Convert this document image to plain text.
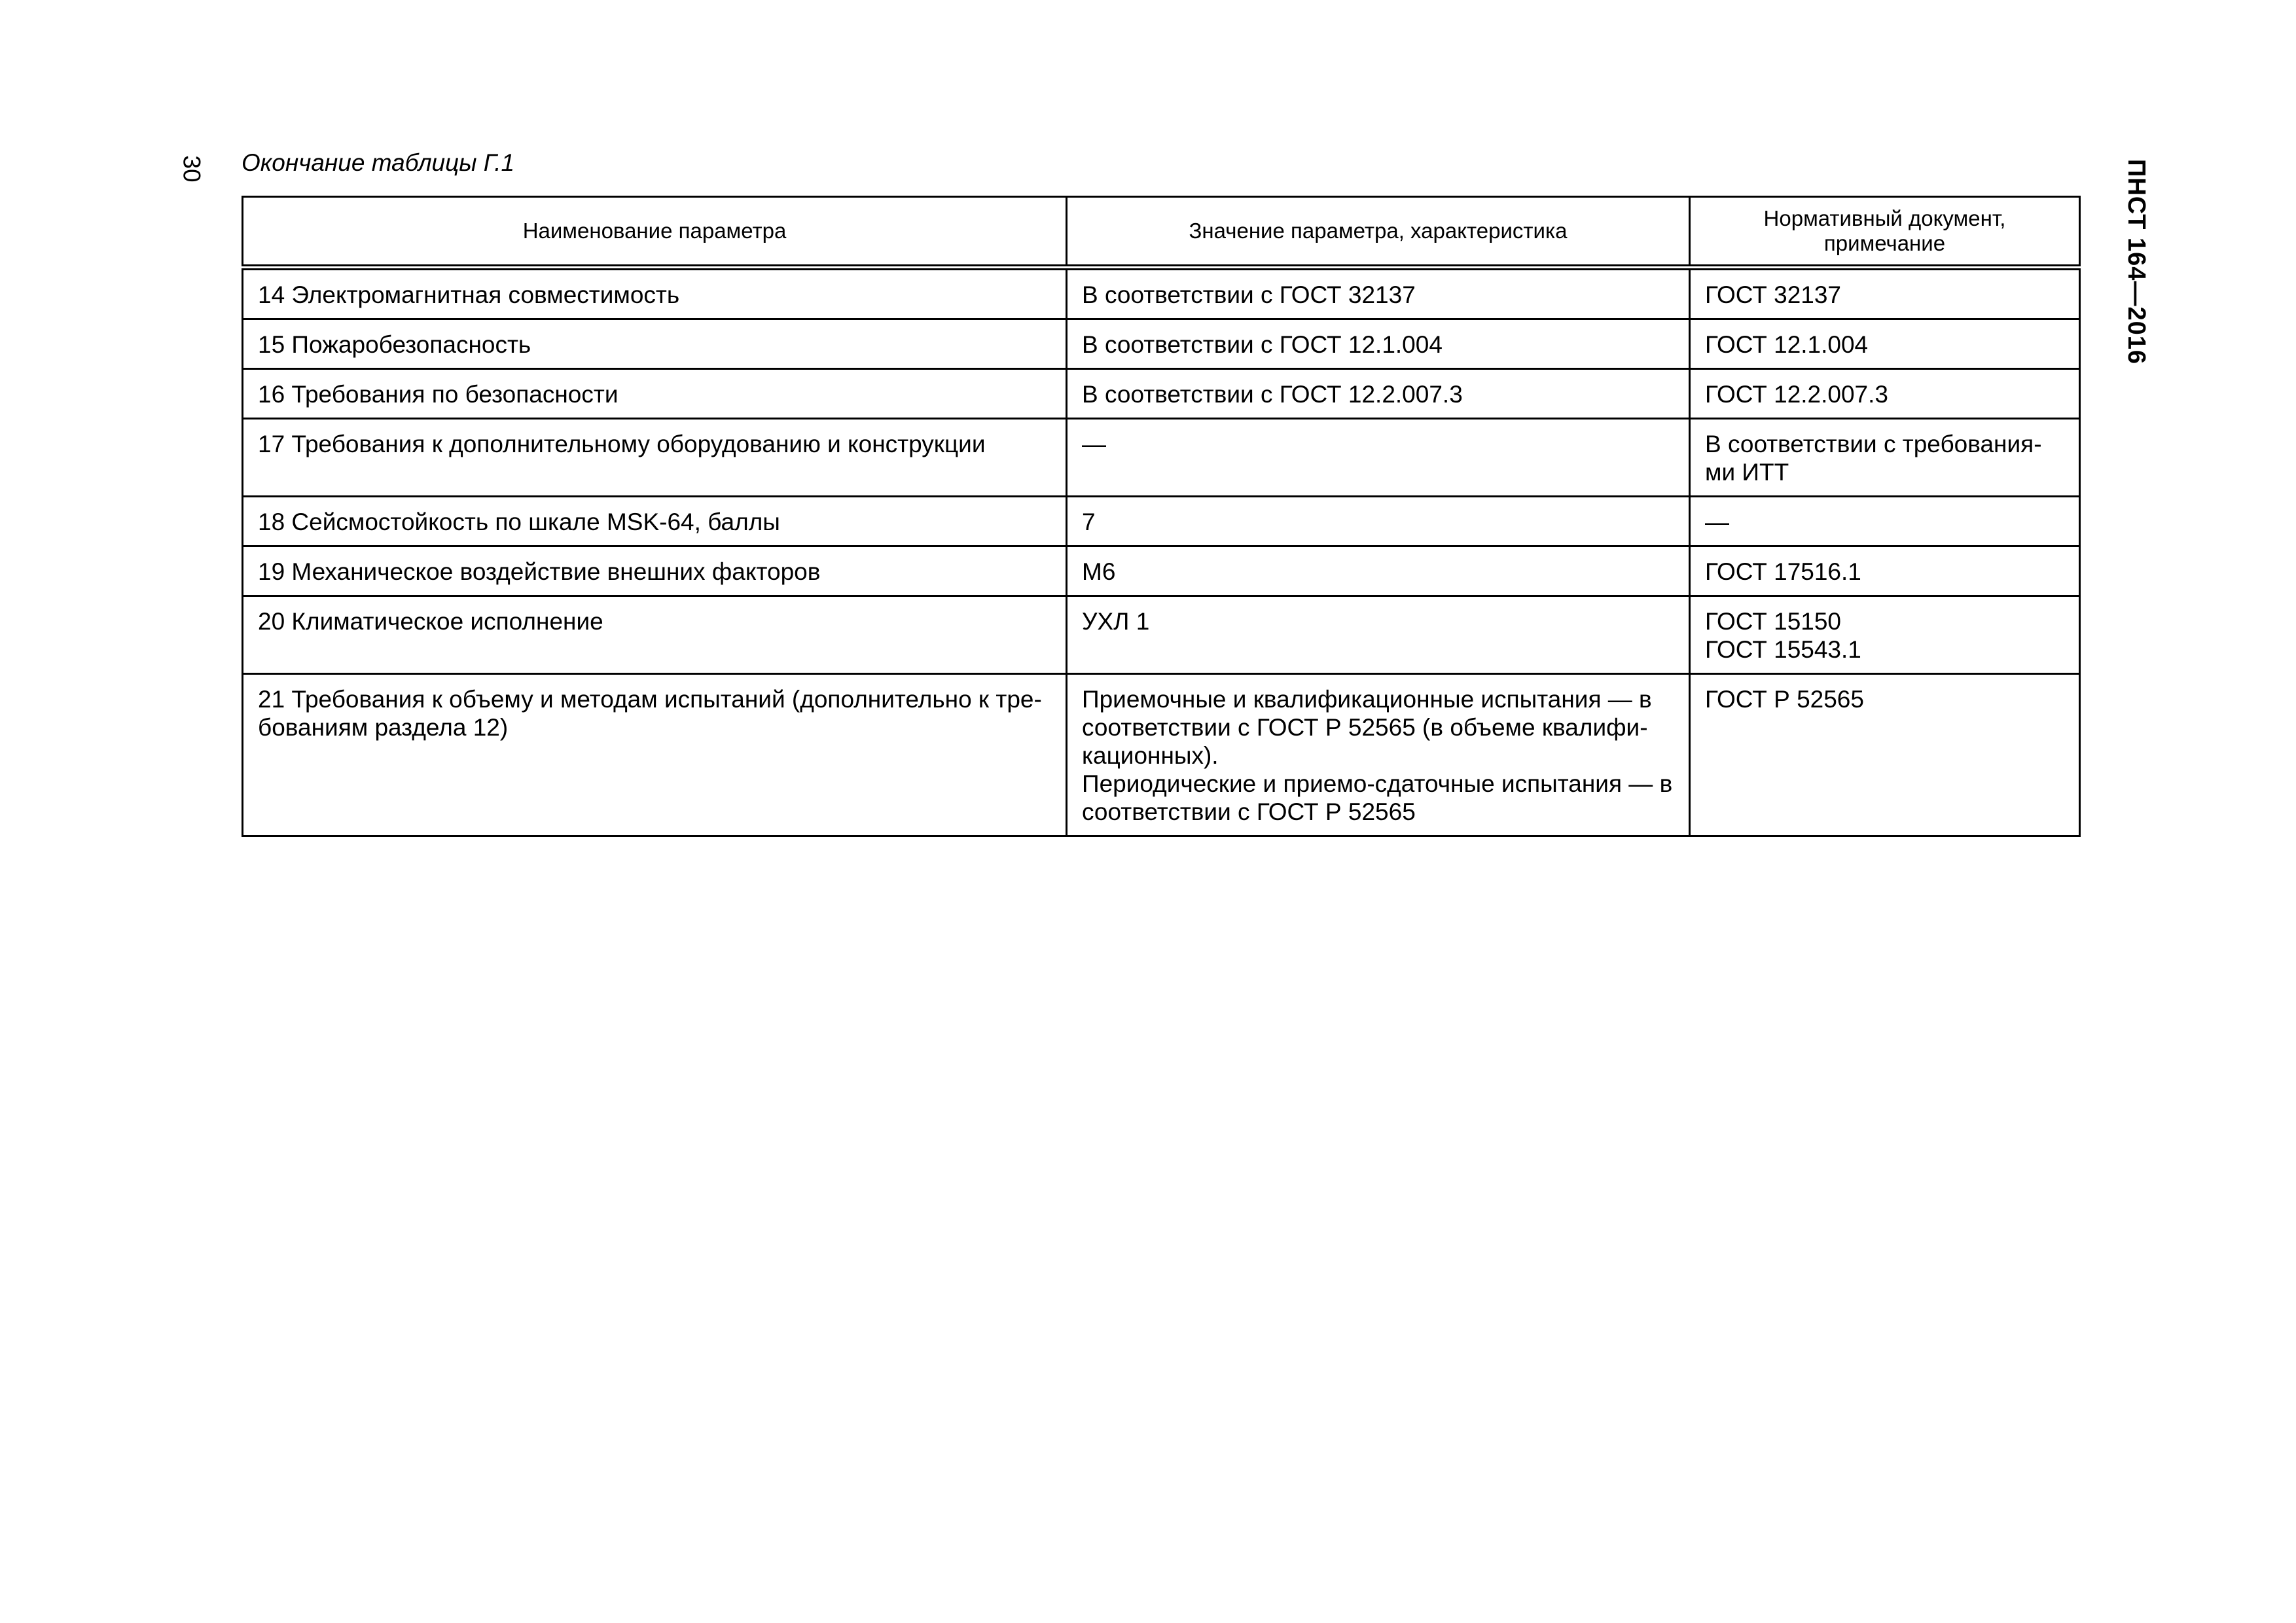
30	ПНСТ 164—2016
Окончание таблицы Г.1
Наименование параметра	Значение параметра, характеристика	Нормативный документ, примечание

14 Электромагнитная совместимость	В соответствии с ГОСТ 32137	ГОСТ 32137

15 Пожаробезопасность	В соответствии с ГОСТ 12.1.004	ГОСТ 12.1.004

16 Требования по безопасности	В соответствии с ГОСТ 12.2.007.3	ГОСТ 12.2.007.3

17 Требования к дополнительному оборудованию и конструкции	—	В соответствии с требования- ми ИТТ

18 Сейсмостойкость по шкале MSK-64, баллы	7	—

19 Механическое воздействие внешних факторов	М6	ГОСТ 17516.1

20 Климатическое исполнение	УХЛ 1	ГОСТ 15150
ГОСТ 15543.1

21 Требования к объему и методам испытаний (дополнительно к тре- бованиям раздела 12)	Приемочные и квалификационные испытания — в соответствии с ГОСТ Р 52565 (в объеме квалифи- кационных).
Периодические и приемо-сдаточные испытания — в соответствии с ГОСТ Р 52565	ГОСТ Р 52565
